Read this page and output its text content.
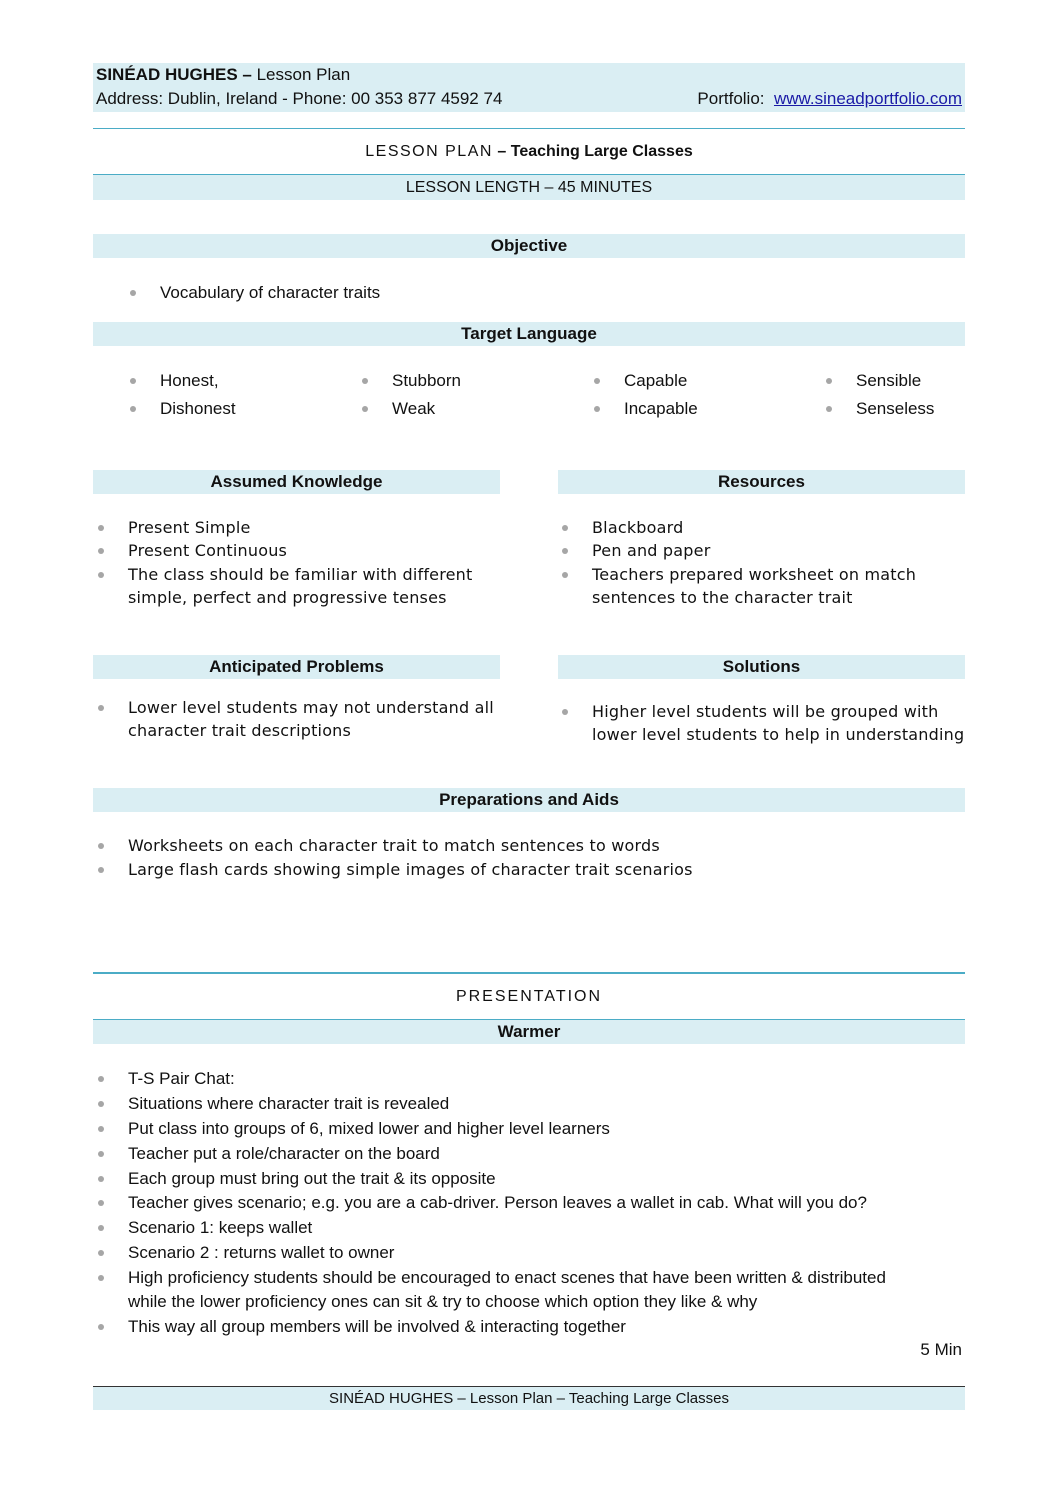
SINÉAD HUGHES – Lesson Plan
Address: Dublin, Ireland - Phone: 00 353 877 4592 74	Portfolio: www.sineadportfolio.com
LESSON PLAN – Teaching Large Classes
LESSON LENGTH – 45 MINUTES
Objective
Vocabulary of character traits
Target Language
Honest,
Dishonest
Stubborn
Weak
Capable
Incapable
Sensible
Senseless
Assumed Knowledge	Resources
Present Simple
Present Continuous
The class should be familiar with different
simple, perfect and progressive tenses
Blackboard
Pen and paper
Teachers prepared worksheet on match
sentences to the character trait
Anticipated Problems	Solutions
Lower level students may not understand all
character trait descriptions
Higher level students will be grouped with
lower level students to help in understanding
Preparations and Aids
Worksheets on each character trait to match sentences to words
Large flash cards showing simple images of character trait scenarios
PRESENTATION
Warmer
T-S Pair Chat:
Situations where character trait is revealed
Put class into groups of 6, mixed lower and higher level learners
Teacher put a role/character on the board
Each group must bring out the trait & its opposite
Teacher gives scenario; e.g. you are a cab-driver. Person leaves a wallet in cab. What will you do?
Scenario 1: keeps wallet
Scenario 2 : returns wallet to owner
High proficiency students should be encouraged to enact scenes that have been written & distributed
while the lower proficiency ones can sit & try to choose which option they like & why
This way all group members will be involved & interacting together
5 Min
SINÉAD HUGHES – Lesson Plan – Teaching Large Classes
